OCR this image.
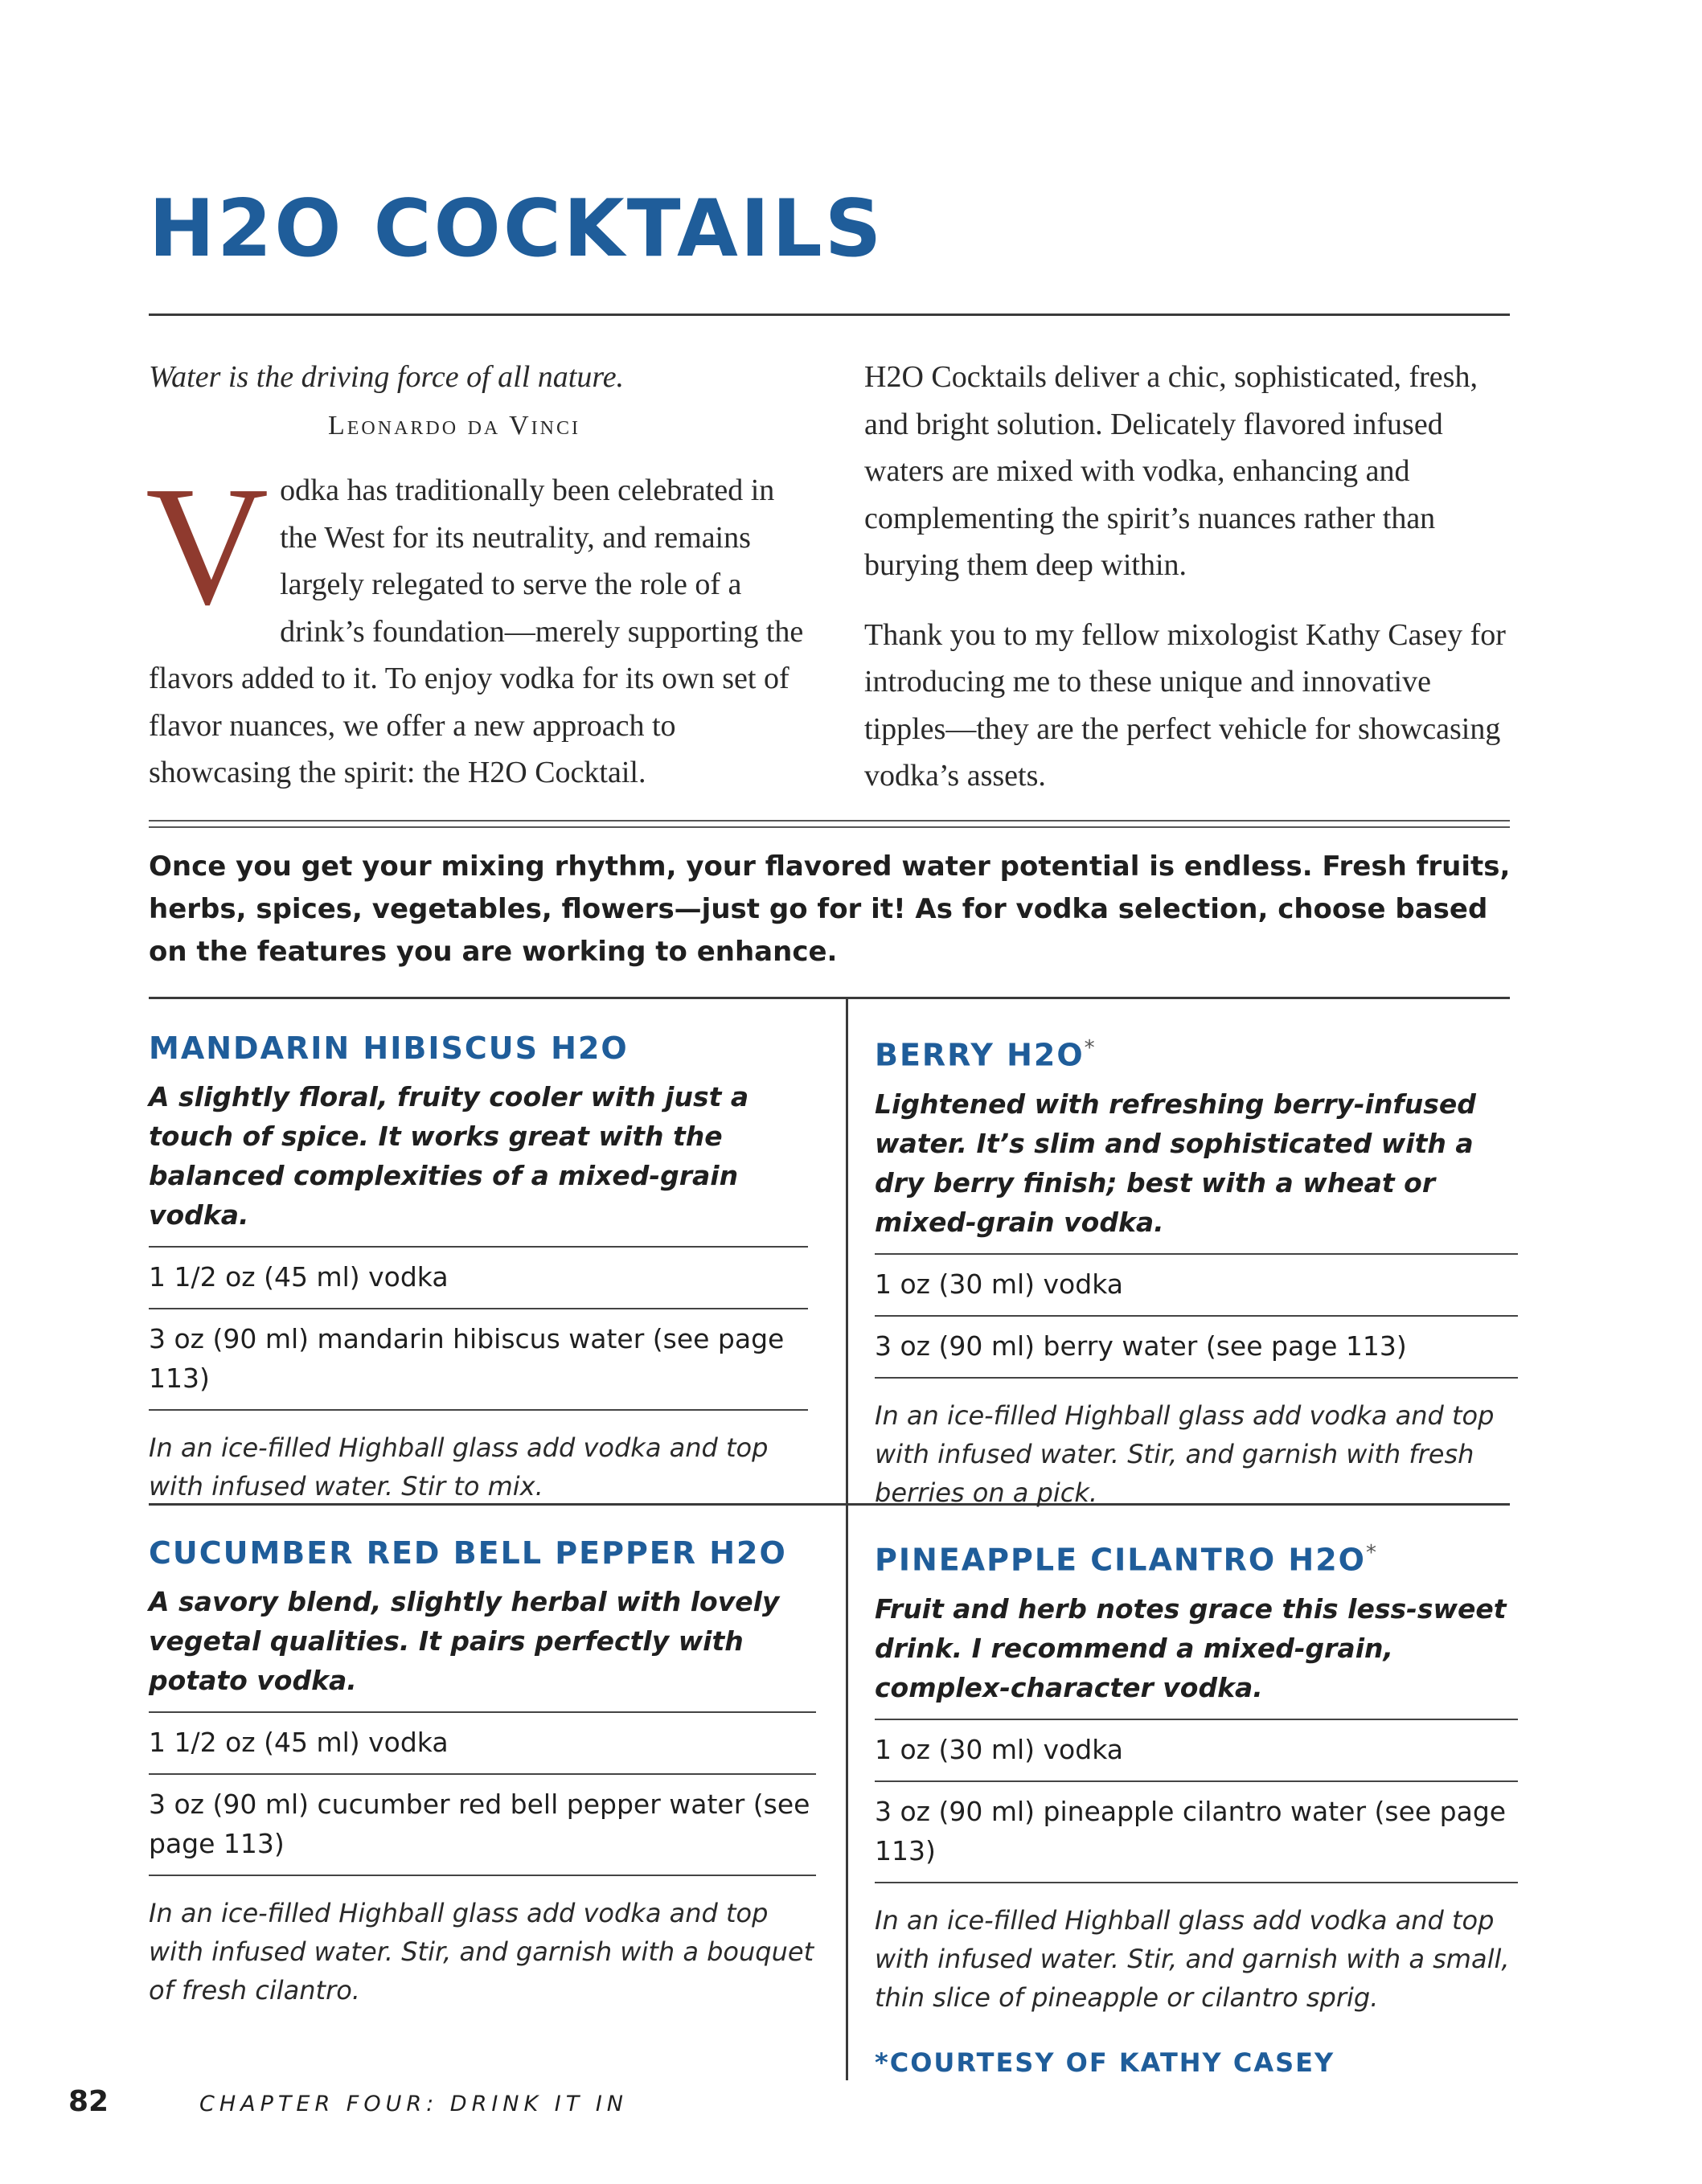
H2O COCKTAILS
Water is the driving force of all nature.
Leonardo da Vinci

Vodka has traditionally been celebrated in the West for its neutrality, and remains largely relegated to serve the role of a drink’s foundation—merely supporting the flavors added to it. To enjoy vodka for its own set of flavor nuances, we offer a new approach to showcasing the spirit: the H2O Cocktail.

H2O Cocktails deliver a chic, sophisticated, fresh, and bright solution. Delicately flavored infused waters are mixed with vodka, enhancing and complementing the spirit’s nuances rather than burying them deep within.

Thank you to my fellow mixologist Kathy Casey for introducing me to these unique and innovative tipples—they are the perfect vehicle for showcasing vodka’s assets.

Once you get your mixing rhythm, your flavored water potential is endless. Fresh fruits, herbs, spices, vegetables, flowers—just go for it! As for vodka selection, choose based on the features you are working to enhance.

MANDARIN HIBISCUS H2O
A slightly floral, fruity cooler with just a touch of spice. It works great with the balanced complexities of a mixed-grain vodka.
1 1/2 oz (45 ml) vodka
3 oz (90 ml) mandarin hibiscus water (see page 113)
In an ice-filled Highball glass add vodka and top with infused water. Stir to mix.
BERRY H2O*
Lightened with refreshing berry-infused water. It’s slim and sophisticated with a dry berry finish; best with a wheat or mixed-grain vodka.
1 oz (30 ml) vodka
3 oz (90 ml) berry water (see page 113)
In an ice-filled Highball glass add vodka and top with infused water. Stir, and garnish with fresh berries on a pick.
CUCUMBER RED BELL PEPPER H2O
A savory blend, slightly herbal with lovely vegetal qualities. It pairs perfectly with potato vodka.
1 1/2 oz (45 ml) vodka
3 oz (90 ml) cucumber red bell pepper water (see page 113)
In an ice-filled Highball glass add vodka and top with infused water. Stir, and garnish with a bouquet of fresh cilantro.
PINEAPPLE CILANTRO H2O*
Fruit and herb notes grace this less-sweet drink. I recommend a mixed-grain, complex-character vodka.
1 oz (30 ml) vodka
3 oz (90 ml) pineapple cilantro water (see page 113)
In an ice-filled Highball glass add vodka and top with infused water. Stir, and garnish with a small, thin slice of pineapple or cilantro sprig.
*COURTESY OF KATHY CASEY
82	CHAPTER FOUR: DRINK IT IN
